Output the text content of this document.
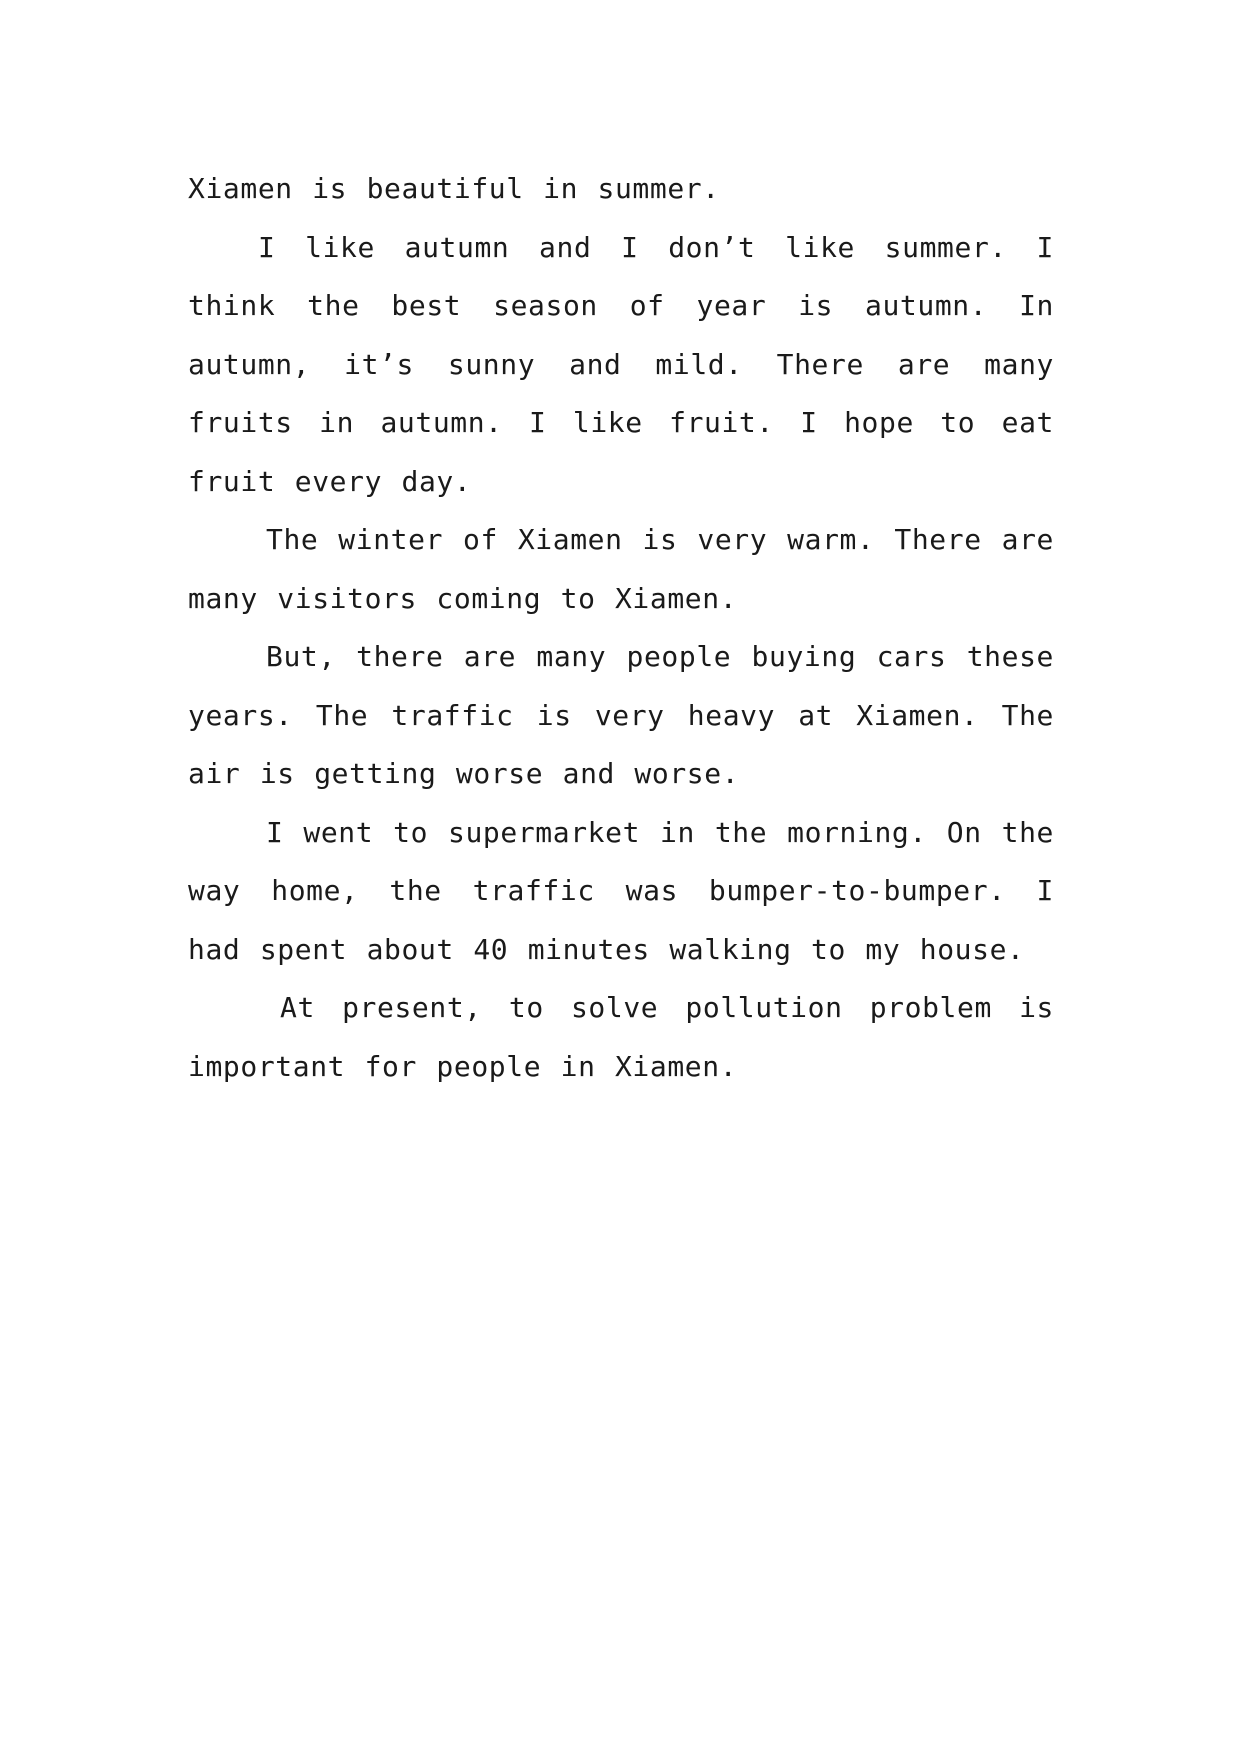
Xiamen is beautiful in summer.

I like autumn and I don’t like summer. I think the best season of year is autumn. In autumn, it’s sunny and mild. There are many fruits in autumn. I like fruit. I hope to eat fruit every day.

The winter of Xiamen is very warm. There are many visitors coming to Xiamen.

But, there are many people buying cars these years. The traffic is very heavy at Xiamen. The air is getting worse and worse.

I went to supermarket in the morning. On the way home, the traffic was bumper-to-bumper. I had spent about 40 minutes walking to my house.

At present, to solve pollution problem is important for people in Xiamen.
